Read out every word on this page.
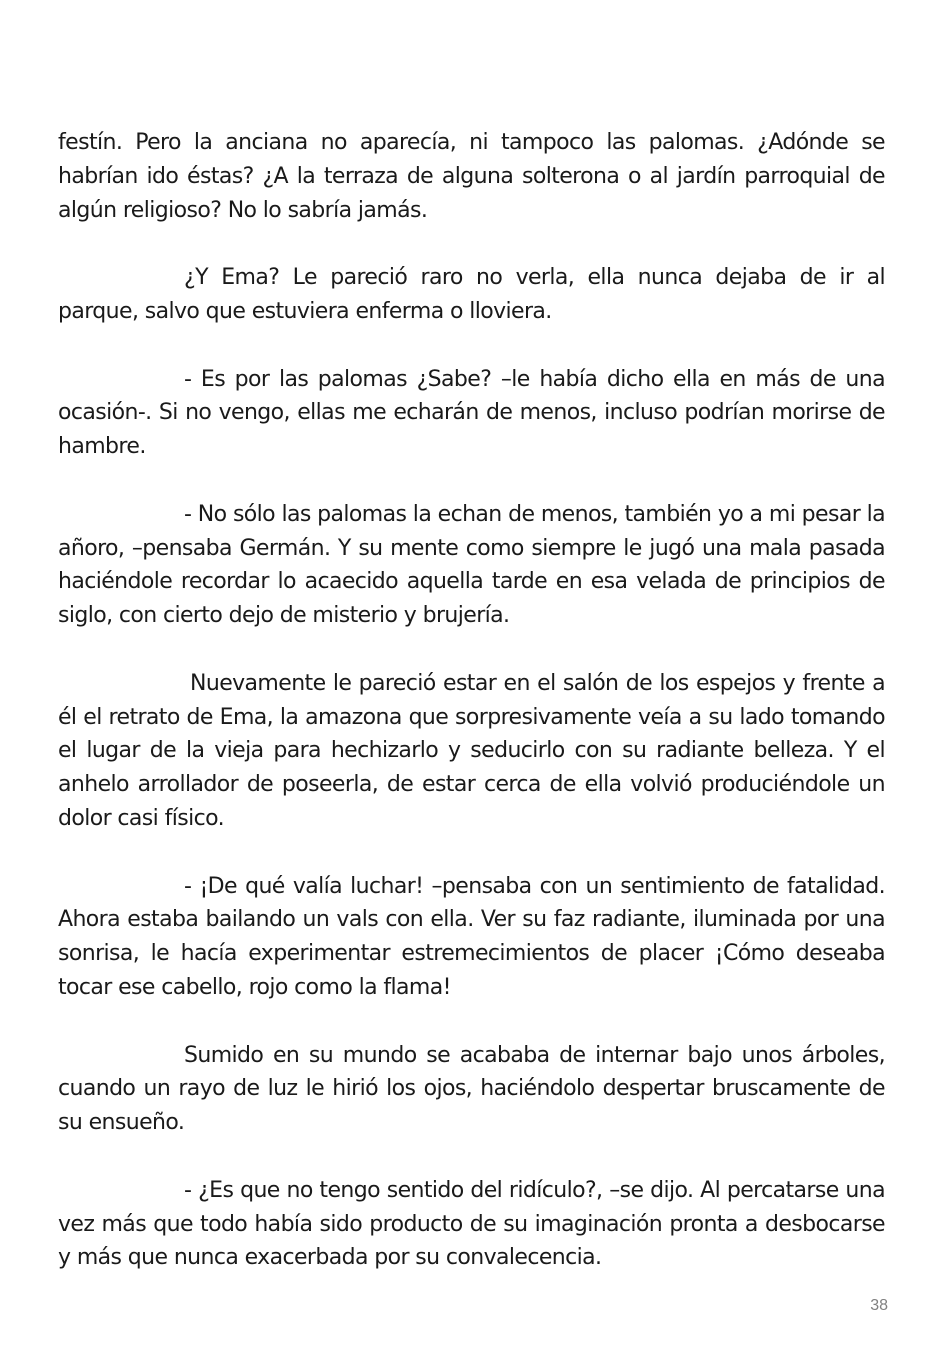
festín. Pero la anciana no aparecía, ni tampoco las palomas. ¿Adónde se habrían ido éstas? ¿A la terraza de alguna solterona o al jardín parroquial de algún religioso? No lo sabría jamás.

¿Y Ema? Le pareció raro no verla, ella nunca dejaba de ir al parque, salvo que estuviera enferma o lloviera.

- Es por las palomas ¿Sabe? –le había dicho ella en más de una ocasión-. Si no vengo, ellas me echarán de menos, incluso podrían morirse de hambre.

- No sólo las palomas la echan de menos, también yo a mi pesar la añoro, –pensaba Germán. Y su mente como siempre le jugó una mala pasada haciéndole recordar lo acaecido aquella tarde en esa velada de principios de siglo, con cierto dejo de misterio y brujería.

Nuevamente le pareció estar en el salón de los espejos y frente a él el retrato de Ema, la amazona que sorpresivamente veía a su lado tomando el lugar de la vieja para hechizarlo y seducirlo con su radiante belleza. Y el anhelo arrollador de poseerla, de estar cerca de ella volvió produciéndole un dolor casi físico.

- ¡De qué valía luchar! –pensaba con un sentimiento de fatalidad. Ahora estaba bailando un vals con ella. Ver su faz radiante, iluminada por una sonrisa, le hacía experimentar estremecimientos de placer ¡Cómo deseaba tocar ese cabello, rojo como la flama!

Sumido en su mundo se acababa de internar bajo unos árboles, cuando un rayo de luz le hirió los ojos, haciéndolo despertar bruscamente de su ensueño.

- ¿Es que no tengo sentido del ridículo?, –se dijo. Al percatarse una vez más que todo había sido producto de su imaginación pronta a desbocarse y más que nunca exacerbada por su convalecencia.

38
